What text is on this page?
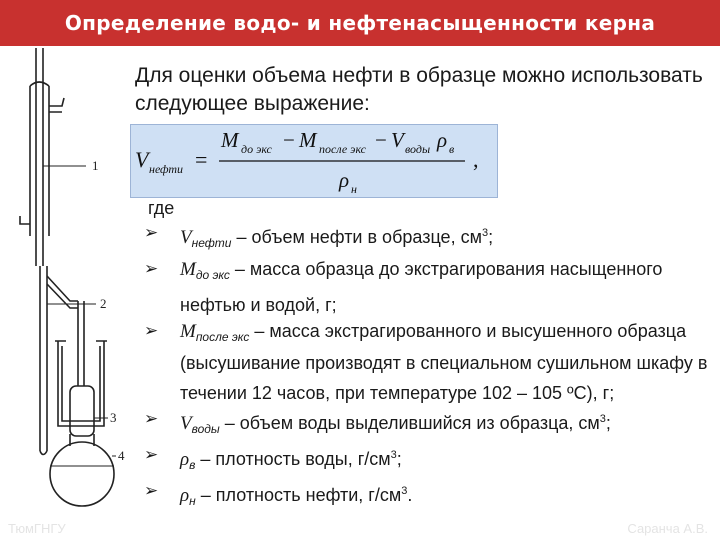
Определение водо- и нефтенасыщенности керна
1
2
3
4
Для оценки объема нефти в образце можно использовать следующее выражение:
V нефти =
M до экс − M после экс − V воды ρ в
ρ н
,
где
➢ $V_{нефти}$ – объем нефти в образце, $см^3$;
➢ $M_{до экс}$ – масса образца до экстрагирования насыщенного нефтью и водой, г;
➢ $M_{после экс}$ – масса экстрагированного и высушенного образца (высушивание производят в специальном сушильном шкафу в течении 12 часов, при температуре 102 – 105 ºС), г;
➢ $V_{воды}$ – объем воды выделившийся из образца, $см^3$;
➢ $\rho_в$ – плотность воды, $г/см^3$;
➢ $\rho_н$ – плотность нефти, $г/см^3$.
ТюмГНГУ	Саранча А.В.
